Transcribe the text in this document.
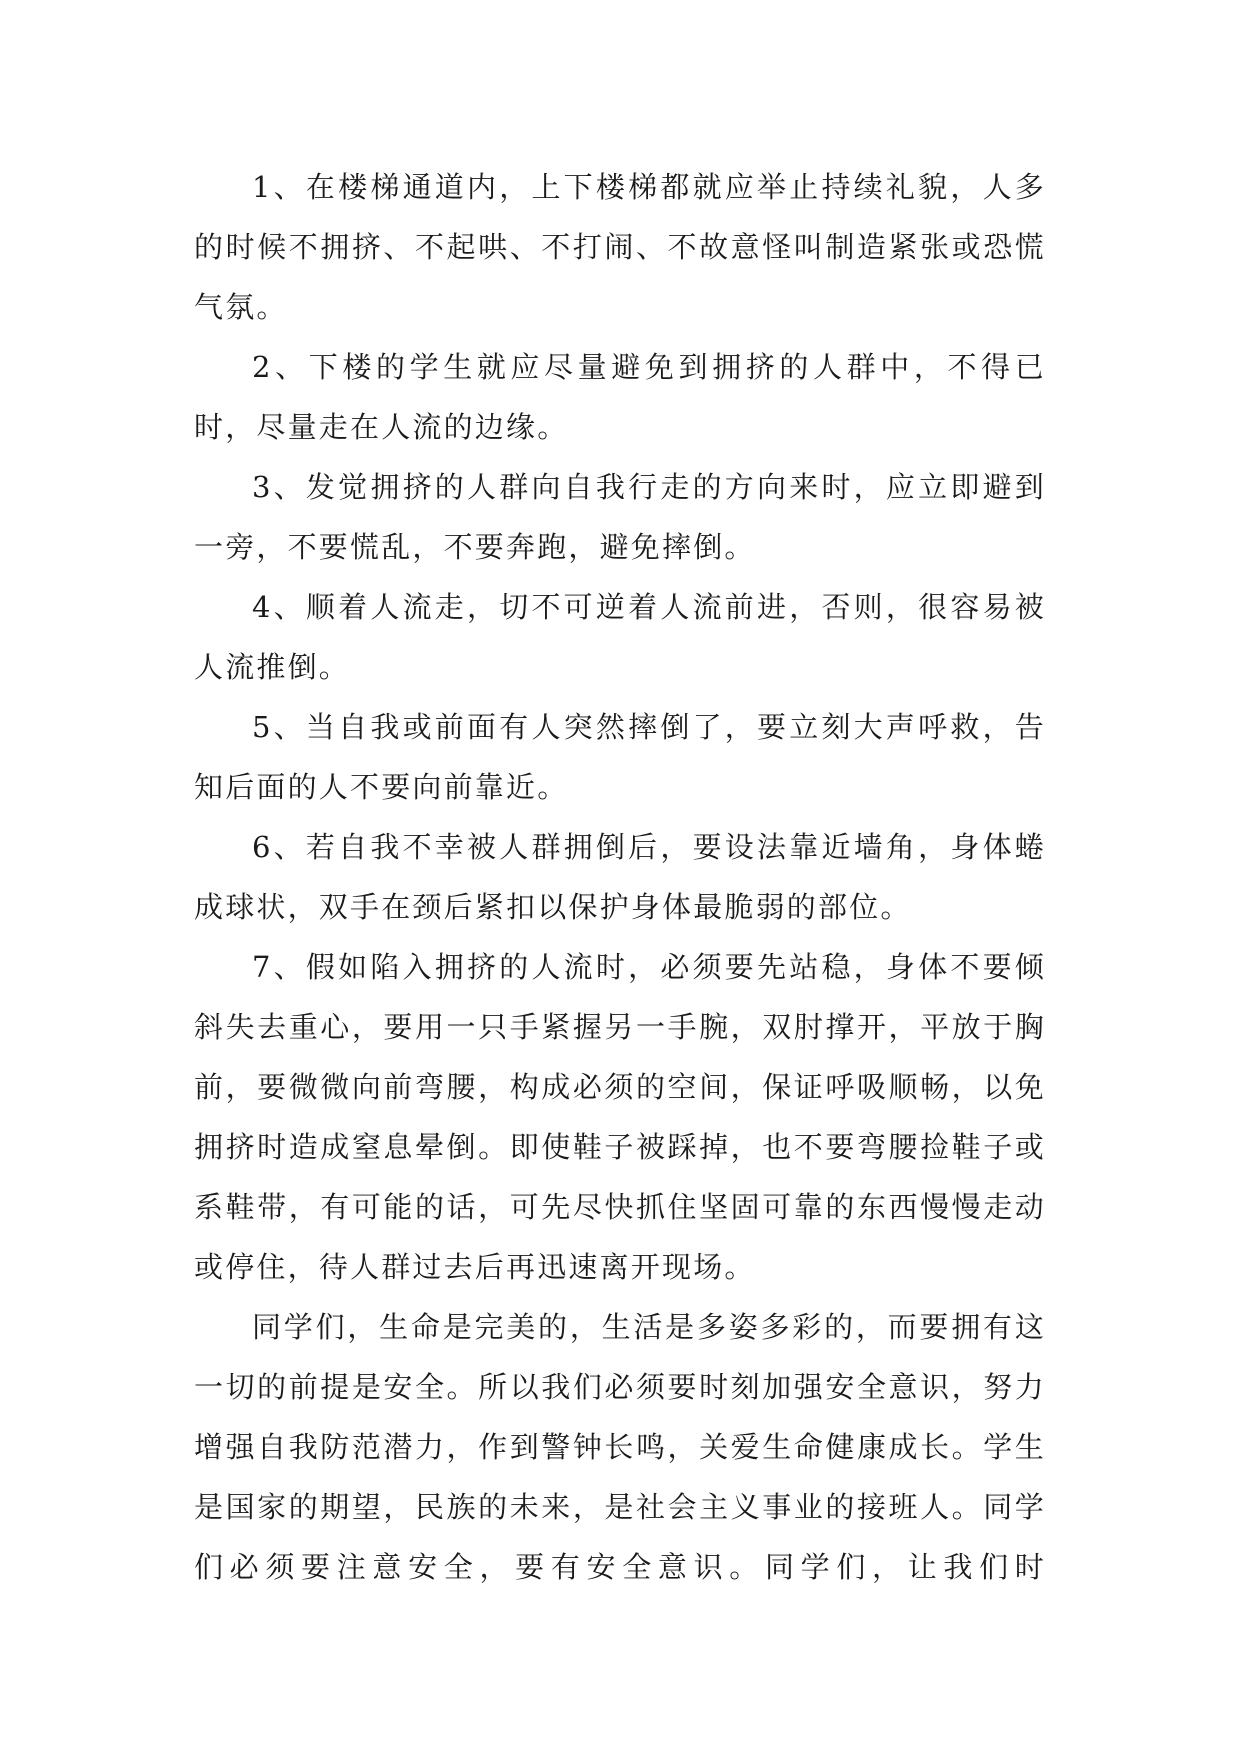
1、在楼梯通道内，上下楼梯都就应举止持续礼貌，人多的时候不拥挤、不起哄、不打闹、不故意怪叫制造紧张或恐慌气氛。

2、下楼的学生就应尽量避免到拥挤的人群中，不得已时，尽量走在人流的边缘。

3、发觉拥挤的人群向自我行走的方向来时，应立即避到一旁，不要慌乱，不要奔跑，避免摔倒。

4、顺着人流走，切不可逆着人流前进，否则，很容易被人流推倒。

5、当自我或前面有人突然摔倒了，要立刻大声呼救，告知后面的人不要向前靠近。

6、若自我不幸被人群拥倒后，要设法靠近墙角，身体蜷成球状，双手在颈后紧扣以保护身体最脆弱的部位。

7、假如陷入拥挤的人流时，必须要先站稳，身体不要倾斜失去重心，要用一只手紧握另一手腕，双肘撑开，平放于胸前，要微微向前弯腰，构成必须的空间，保证呼吸顺畅，以免拥挤时造成窒息晕倒。即使鞋子被踩掉，也不要弯腰捡鞋子或系鞋带，有可能的话，可先尽快抓住坚固可靠的东西慢慢走动或停住，待人群过去后再迅速离开现场。

同学们，生命是完美的，生活是多姿多彩的，而要拥有这一切的前提是安全。所以我们必须要时刻加强安全意识，努力增强自我防范潜力，作到警钟长鸣，关爱生命健康成长。学生是国家的期望，民族的未来，是社会主义事业的接班人。同学们必须要注意安全，要有安全意识。同学们，让我们时
